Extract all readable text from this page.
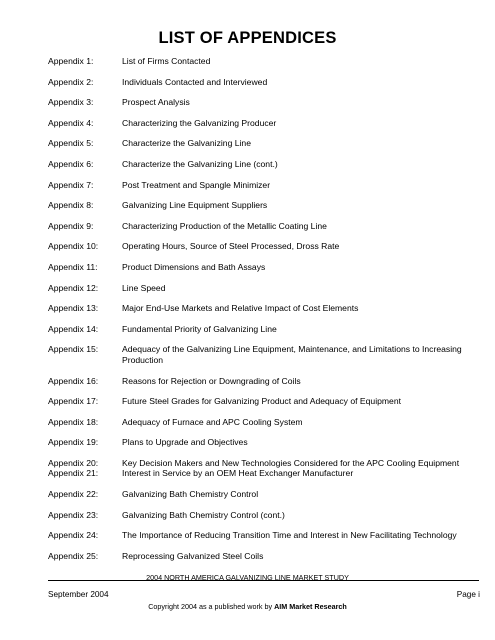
LIST OF APPENDICES
Appendix 1:	List of Firms Contacted
Appendix 2:	Individuals Contacted and Interviewed
Appendix 3:	Prospect Analysis
Appendix 4:	Characterizing the Galvanizing Producer
Appendix 5:	Characterize the Galvanizing Line
Appendix 6:	Characterize the Galvanizing Line (cont.)
Appendix 7:	Post Treatment and Spangle Minimizer
Appendix 8:	Galvanizing Line Equipment Suppliers
Appendix 9:	Characterizing Production of the Metallic Coating Line
Appendix 10:	Operating Hours, Source of Steel Processed, Dross Rate
Appendix 11:	Product Dimensions and Bath Assays
Appendix 12:	Line Speed
Appendix 13:	Major End-Use Markets and Relative Impact of Cost Elements
Appendix 14:	Fundamental Priority of Galvanizing Line
Appendix 15:	Adequacy of the Galvanizing Line Equipment, Maintenance, and Limitations to Increasing Production
Appendix 16:	Reasons for Rejection or Downgrading of Coils
Appendix 17:	Future Steel Grades for Galvanizing Product and Adequacy of Equipment
Appendix 18:	Adequacy of Furnace and APC Cooling System
Appendix 19:	Plans to Upgrade and Objectives
Appendix 20:	Key Decision Makers and New Technologies Considered for the APC Cooling Equipment
Appendix 21:	Interest in Service by an OEM Heat Exchanger Manufacturer
Appendix 22:	Galvanizing Bath Chemistry Control
Appendix 23:	Galvanizing Bath Chemistry Control (cont.)
Appendix 24:	The Importance of Reducing Transition Time and Interest in New Facilitating Technology
Appendix 25:	Reprocessing Galvanized Steel Coils
2004 NORTH AMERICA GALVANIZING LINE MARKET STUDY
September 2004	Page i
Copyright 2004 as a published work by AIM Market Research
